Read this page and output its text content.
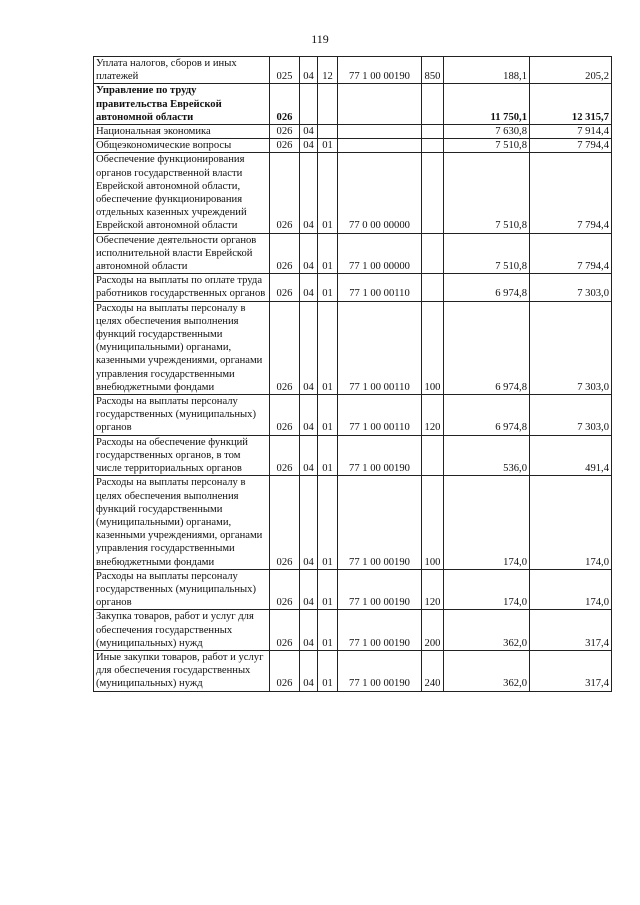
119
Уплата налогов, сборов и иных платежей	025	04	12	77 1 00 00190	850	188,1	205,2
Управление по труду правительства Еврейской автономной области	026					11 750,1	12 315,7
Национальная экономика	026	04				7 630,8	7 914,4
Общеэкономические вопросы	026	04	01			7 510,8	7 794,4
Обеспечение функционирования органов государственной власти Еврейской автономной области, обеспечение функционирования отдельных казенных учреждений Еврейской автономной области	026	04	01	77 0 00 00000		7 510,8	7 794,4
Обеспечение деятельности органов исполнительной власти Еврейской автономной области	026	04	01	77 1 00 00000		7 510,8	7 794,4
Расходы на выплаты по оплате труда работников государственных органов	026	04	01	77 1 00 00110		6 974,8	7 303,0
Расходы на выплаты персоналу в целях обеспечения выполнения функций государственными (муниципальными) органами, казенными учреждениями, органами управления государственными внебюджетными фондами	026	04	01	77 1 00 00110	100	6 974,8	7 303,0
Расходы на выплаты персоналу государственных (муниципальных) органов	026	04	01	77 1 00 00110	120	6 974,8	7 303,0
Расходы на обеспечение функций государственных органов, в том числе территориальных органов	026	04	01	77 1 00 00190		536,0	491,4
Расходы на выплаты персоналу в целях обеспечения выполнения функций государственными (муниципальными) органами, казенными учреждениями, органами управления государственными внебюджетными фондами	026	04	01	77 1 00 00190	100	174,0	174,0
Расходы на выплаты персоналу государственных (муниципальных) органов	026	04	01	77 1 00 00190	120	174,0	174,0
Закупка товаров, работ и услуг для обеспечения государственных (муниципальных) нужд	026	04	01	77 1 00 00190	200	362,0	317,4
Иные закупки товаров, работ и услуг для обеспечения государственных (муниципальных) нужд	026	04	01	77 1 00 00190	240	362,0	317,4
